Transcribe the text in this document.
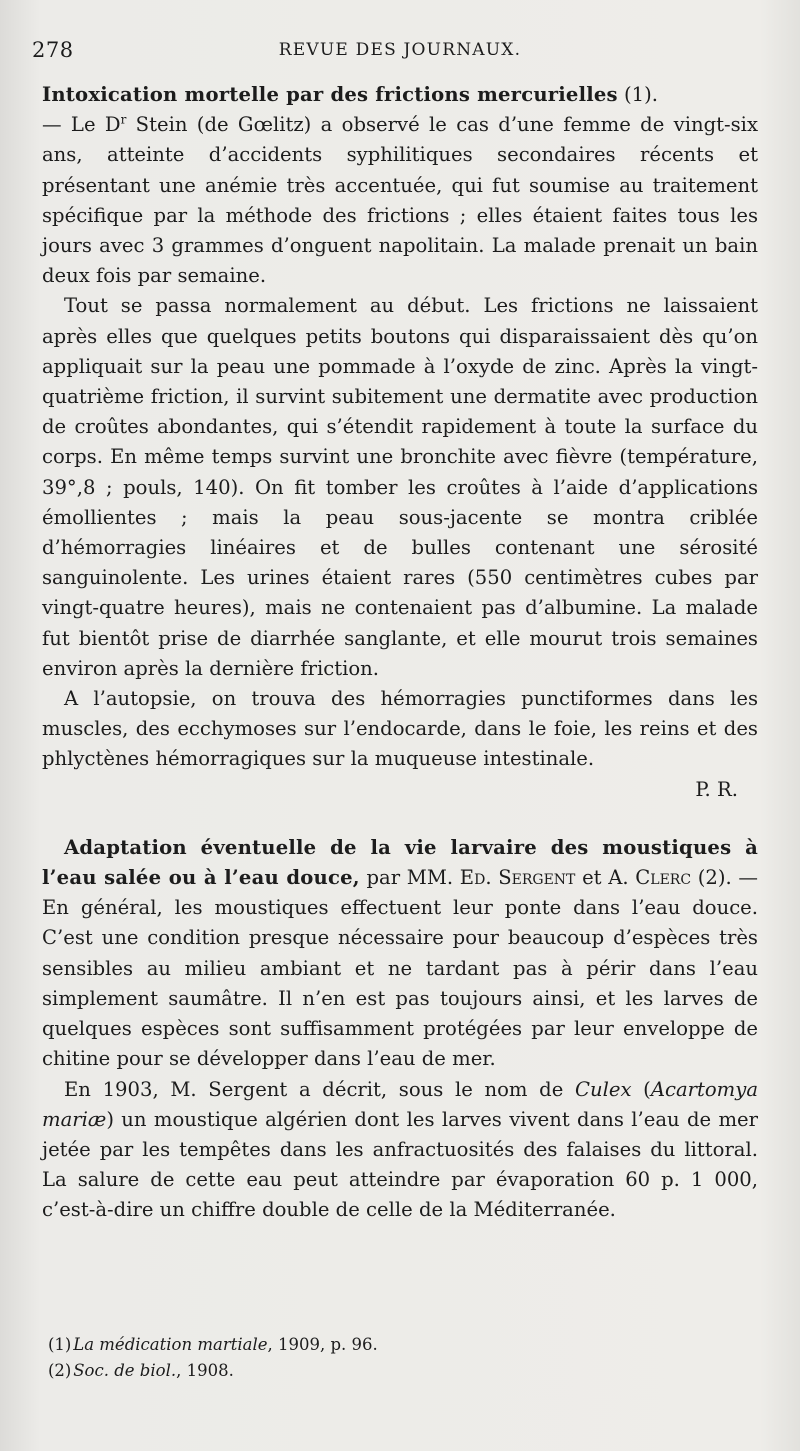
278	REVUE DES JOURNAUX.

Intoxication mortelle par des frictions mercurielles (1).
— Le $D^r$ Stein (de Gœlitz) a observé le cas d’une femme de vingt-six ans, atteinte d’accidents syphilitiques secondaires récents et présentant une anémie très accentuée, qui fut soumise au traitement spécifique par la méthode des frictions ; elles étaient faites tous les jours avec 3 grammes d’onguent napolitain. La malade prenait un bain deux fois par semaine.

Tout se passa normalement au début. Les frictions ne laissaient après elles que quelques petits boutons qui disparaissaient dès qu’on appliquait sur la peau une pommade à l’oxyde de zinc. Après la vingt-quatrième friction, il survint subitement une dermatite avec production de croûtes abondantes, qui s’étendit rapidement à toute la surface du corps. En même temps survint une bronchite avec fièvre (température, 39°,8 ; pouls, 140). On fit tomber les croûtes à l’aide d’applications émollientes ; mais la peau sous-jacente se montra criblée d’hémorragies linéaires et de bulles contenant une sérosité sanguinolente. Les urines étaient rares (550 centimètres cubes par vingt-quatre heures), mais ne contenaient pas d’albumine. La malade fut bientôt prise de diarrhée sanglante, et elle mourut trois semaines environ après la dernière friction.

A l’autopsie, on trouva des hémorragies punctiformes dans les muscles, des ecchymoses sur l’endocarde, dans le foie, les reins et des phlyctènes hémorragiques sur la muqueuse intestinale.

P. R.

Adaptation éventuelle de la vie larvaire des moustiques à l’eau salée ou à l’eau douce, par MM. Ed. Sergent et A. Clerc (2). — En général, les moustiques effectuent leur ponte dans l’eau douce. C’est une condition presque nécessaire pour beaucoup d’espèces très sensibles au milieu ambiant et ne tardant pas à périr dans l’eau simplement saumâtre. Il n’en est pas toujours ainsi, et les larves de quelques espèces sont suffisamment protégées par leur enveloppe de chitine pour se développer dans l’eau de mer.

En 1903, M. Sergent a décrit, sous le nom de Culex (Acartomya mariæ) un moustique algérien dont les larves vivent dans l’eau de mer jetée par les tempêtes dans les anfractuosités des falaises du littoral. La salure de cette eau peut atteindre par évaporation 60 p. 1 000, c’est-à-dire un chiffre double de celle de la Méditerranée.

(1) La médication martiale, 1909, p. 96.

(2) Soc. de biol., 1908.
